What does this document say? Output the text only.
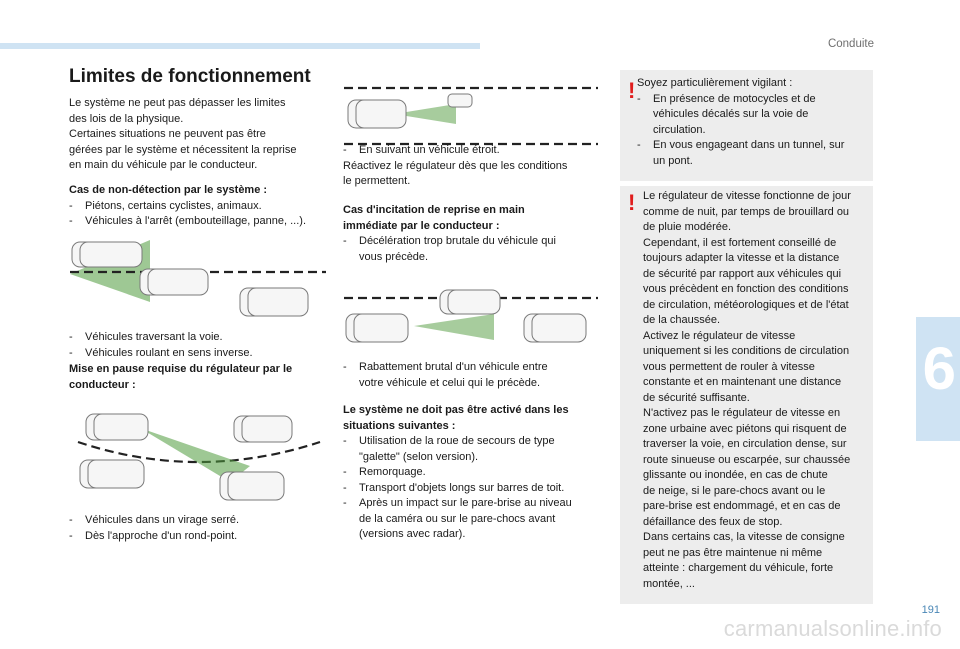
Conduite
6
191
carmanualsonline.info
Limites de fonctionnement
Le système ne peut pas dépasser les limites
des lois de la physique.
Certaines situations ne peuvent pas être
gérées par le système et nécessitent la reprise
en main du véhicule par le conducteur.
Cas de non-détection par le système :
- Piétons, certains cyclistes, animaux.
- Véhicules à l'arrêt (embouteillage, panne, ...).
- Véhicules traversant la voie.
- Véhicules roulant en sens inverse.
Mise en pause requise du régulateur par le
conducteur :
- Véhicules dans un virage serré.
- Dès l'approche d'un rond-point.
- En suivant un véhicule étroit.
Réactivez le régulateur dès que les conditions
le permettent.
Cas d'incitation de reprise en main
immédiate par le conducteur :
- Décélération trop brutale du véhicule qui
vous précède.
- Rabattement brutal d'un véhicule entre
votre véhicule et celui qui le précède.
Le système ne doit pas être activé dans les
situations suivantes :
- Utilisation de la roue de secours de type
"galette" (selon version).
- Remorquage.
- Transport d'objets longs sur barres de toit.
- Après un impact sur le pare-brise au niveau
de la caméra ou sur le pare-chocs avant
(versions avec radar).
! Soyez particulièrement vigilant :
- En présence de motocycles et de
véhicules décalés sur la voie de
circulation.
- En vous engageant dans un tunnel, sur
un pont.
! Le régulateur de vitesse fonctionne de jour
comme de nuit, par temps de brouillard ou
de pluie modérée.
Cependant, il est fortement conseillé de
toujours adapter la vitesse et la distance
de sécurité par rapport aux véhicules qui
vous précèdent en fonction des conditions
de circulation, météorologiques et de l'état
de la chaussée.
Activez le régulateur de vitesse
uniquement si les conditions de circulation
vous permettent de rouler à vitesse
constante et en maintenant une distance
de sécurité suffisante.
N'activez pas le régulateur de vitesse en
zone urbaine avec piétons qui risquent de
traverser la voie, en circulation dense, sur
route sinueuse ou escarpée, sur chaussée
glissante ou inondée, en cas de chute
de neige, si le pare-chocs avant ou le
pare-brise est endommagé, et en cas de
défaillance des feux de stop.
Dans certains cas, la vitesse de consigne
peut ne pas être maintenue ni même
atteinte : chargement du véhicule, forte
montée, ...
